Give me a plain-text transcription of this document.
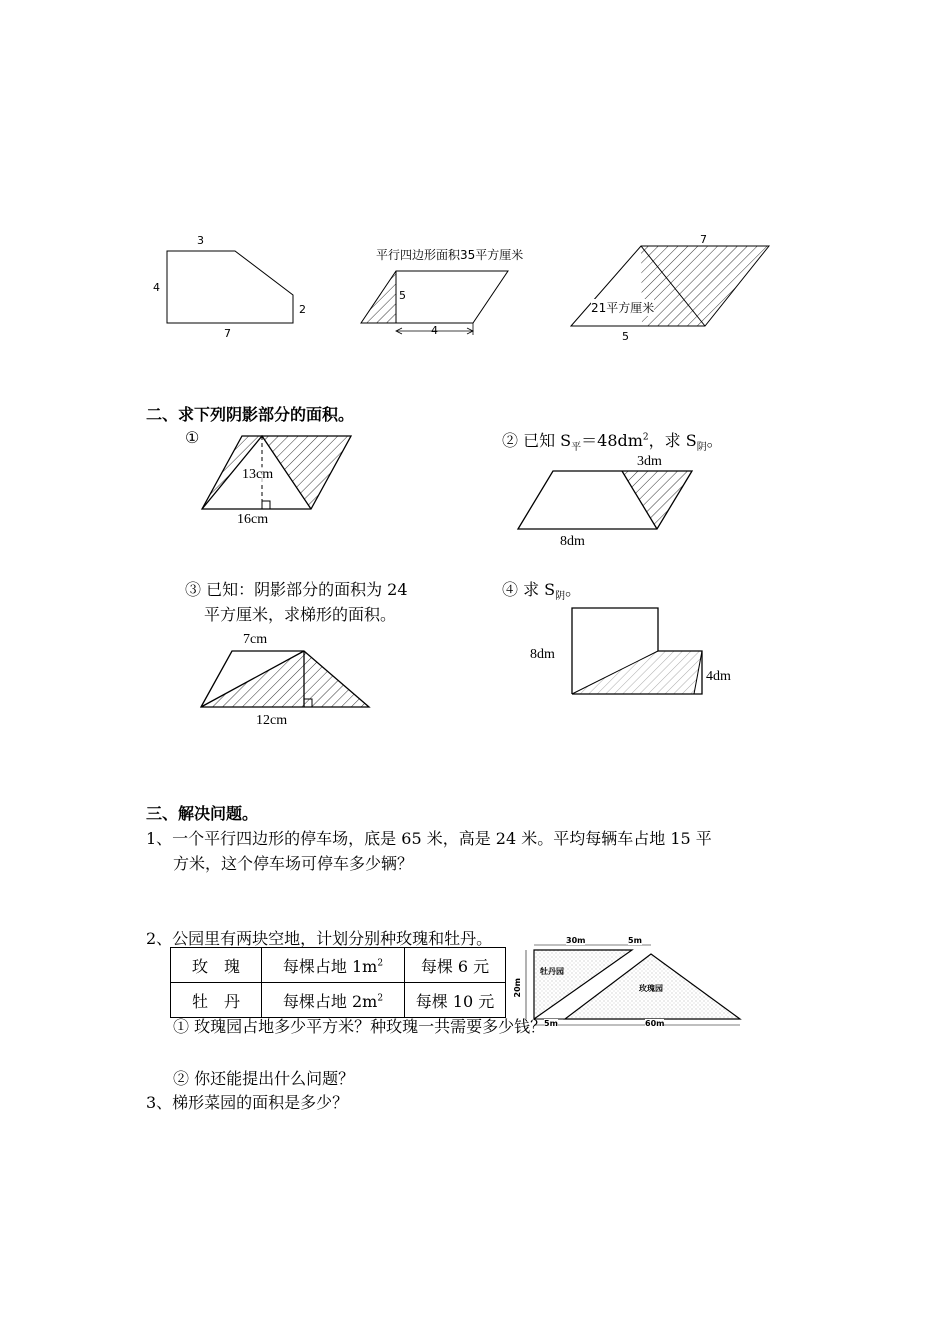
3
4
2
7
平行四边形面积35平方厘米
5
4
7
21平方厘米
5
二、求下列阴影部分的面积。
①
13cm
16cm
② 已知 $S_平=48dm^2$，求 $S_阴$。
3dm
8dm
③ 已知：阴影部分的面积为 24
平方厘米，求梯形的面积。
7cm
12cm
④ 求 $S_阴$。
8dm
4dm
三、解决问题。
1、一个平行四边形的停车场，底是 65 米，高是 24 米。平均每辆车占地 15 平
方米，这个停车场可停车多少辆？
2、公园里有两块空地，计划分别种玫瑰和牡丹。
玫　瑰	每棵占地 $1m^2$	每棵 6 元
牡　丹	每棵占地 $2m^2$	每棵 10 元
30m	5m
20m
牡丹园
玫瑰园
5m	60m
① 玫瑰园占地多少平方米？种玫瑰一共需要多少钱？
② 你还能提出什么问题？
3、梯形菜园的面积是多少？
